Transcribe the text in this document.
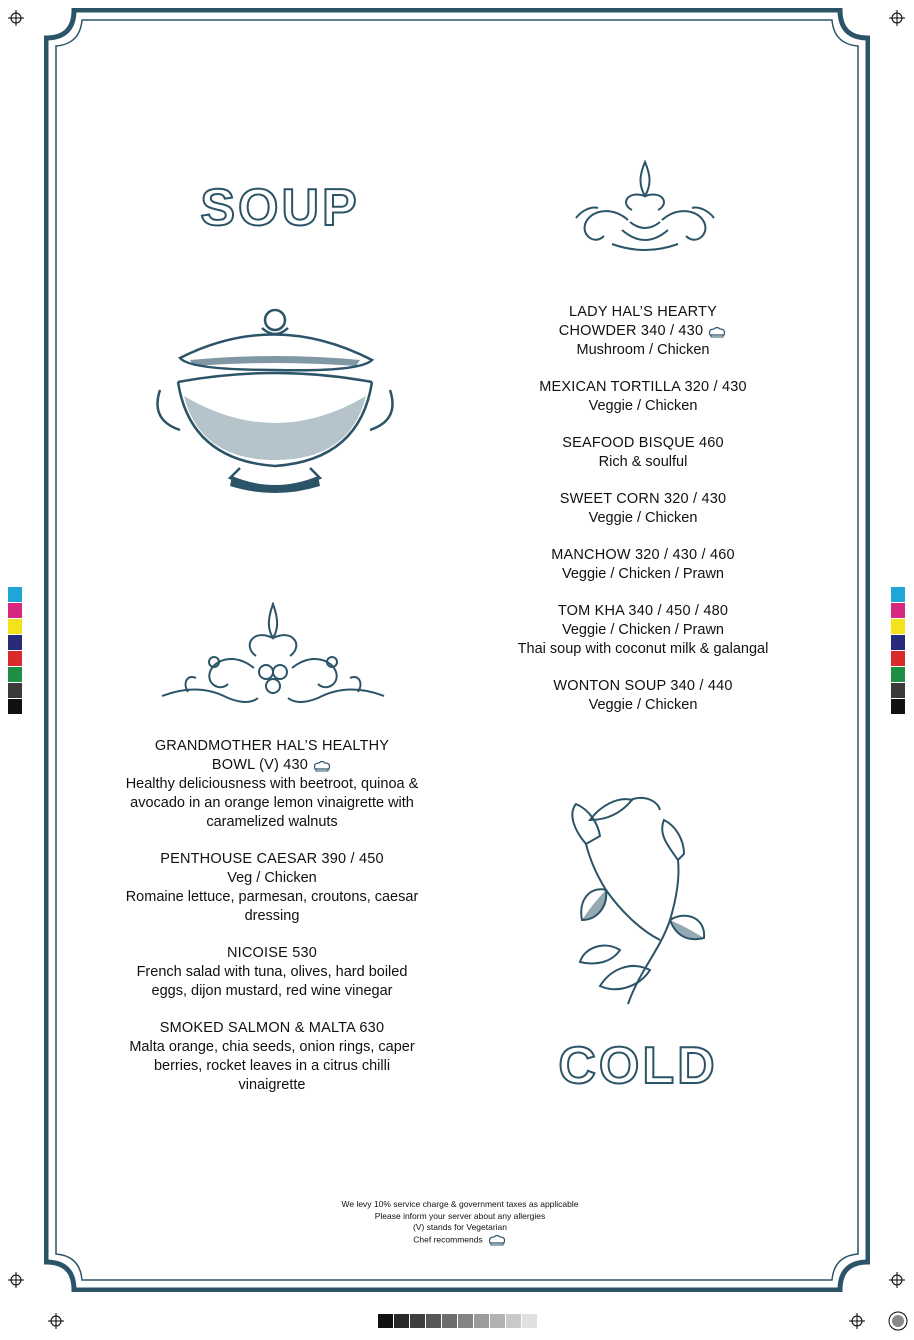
SOUP
COLD
LADY HAL’S HEARTY
CHOWDER 340 / 430
Mushroom / Chicken
MEXICAN TORTILLA 320 / 430
Veggie / Chicken
SEAFOOD BISQUE 460
Rich & soulful
SWEET CORN 320 / 430
Veggie / Chicken
MANCHOW 320 / 430 / 460
Veggie / Chicken / Prawn
TOM KHA 340 / 450 / 480
Veggie / Chicken / Prawn
Thai soup with coconut milk & galangal
WONTON SOUP 340 / 440
Veggie / Chicken
GRANDMOTHER HAL’S HEALTHY
BOWL (V) 430
Healthy deliciousness with beetroot, quinoa &
avocado in an orange lemon vinaigrette with
caramelized walnuts
PENTHOUSE CAESAR 390 / 450
Veg / Chicken
Romaine lettuce, parmesan, croutons, caesar
dressing
NICOISE 530
French salad with tuna, olives, hard boiled
eggs, dijon mustard, red wine vinegar
SMOKED SALMON & MALTA 630
Malta orange, chia seeds, onion rings, caper
berries, rocket leaves in a citrus chilli
vinaigrette
We levy 10% service charge & government taxes as applicable
Please inform your server about any allergies
(V) stands for Vegetarian
Chef recommends
